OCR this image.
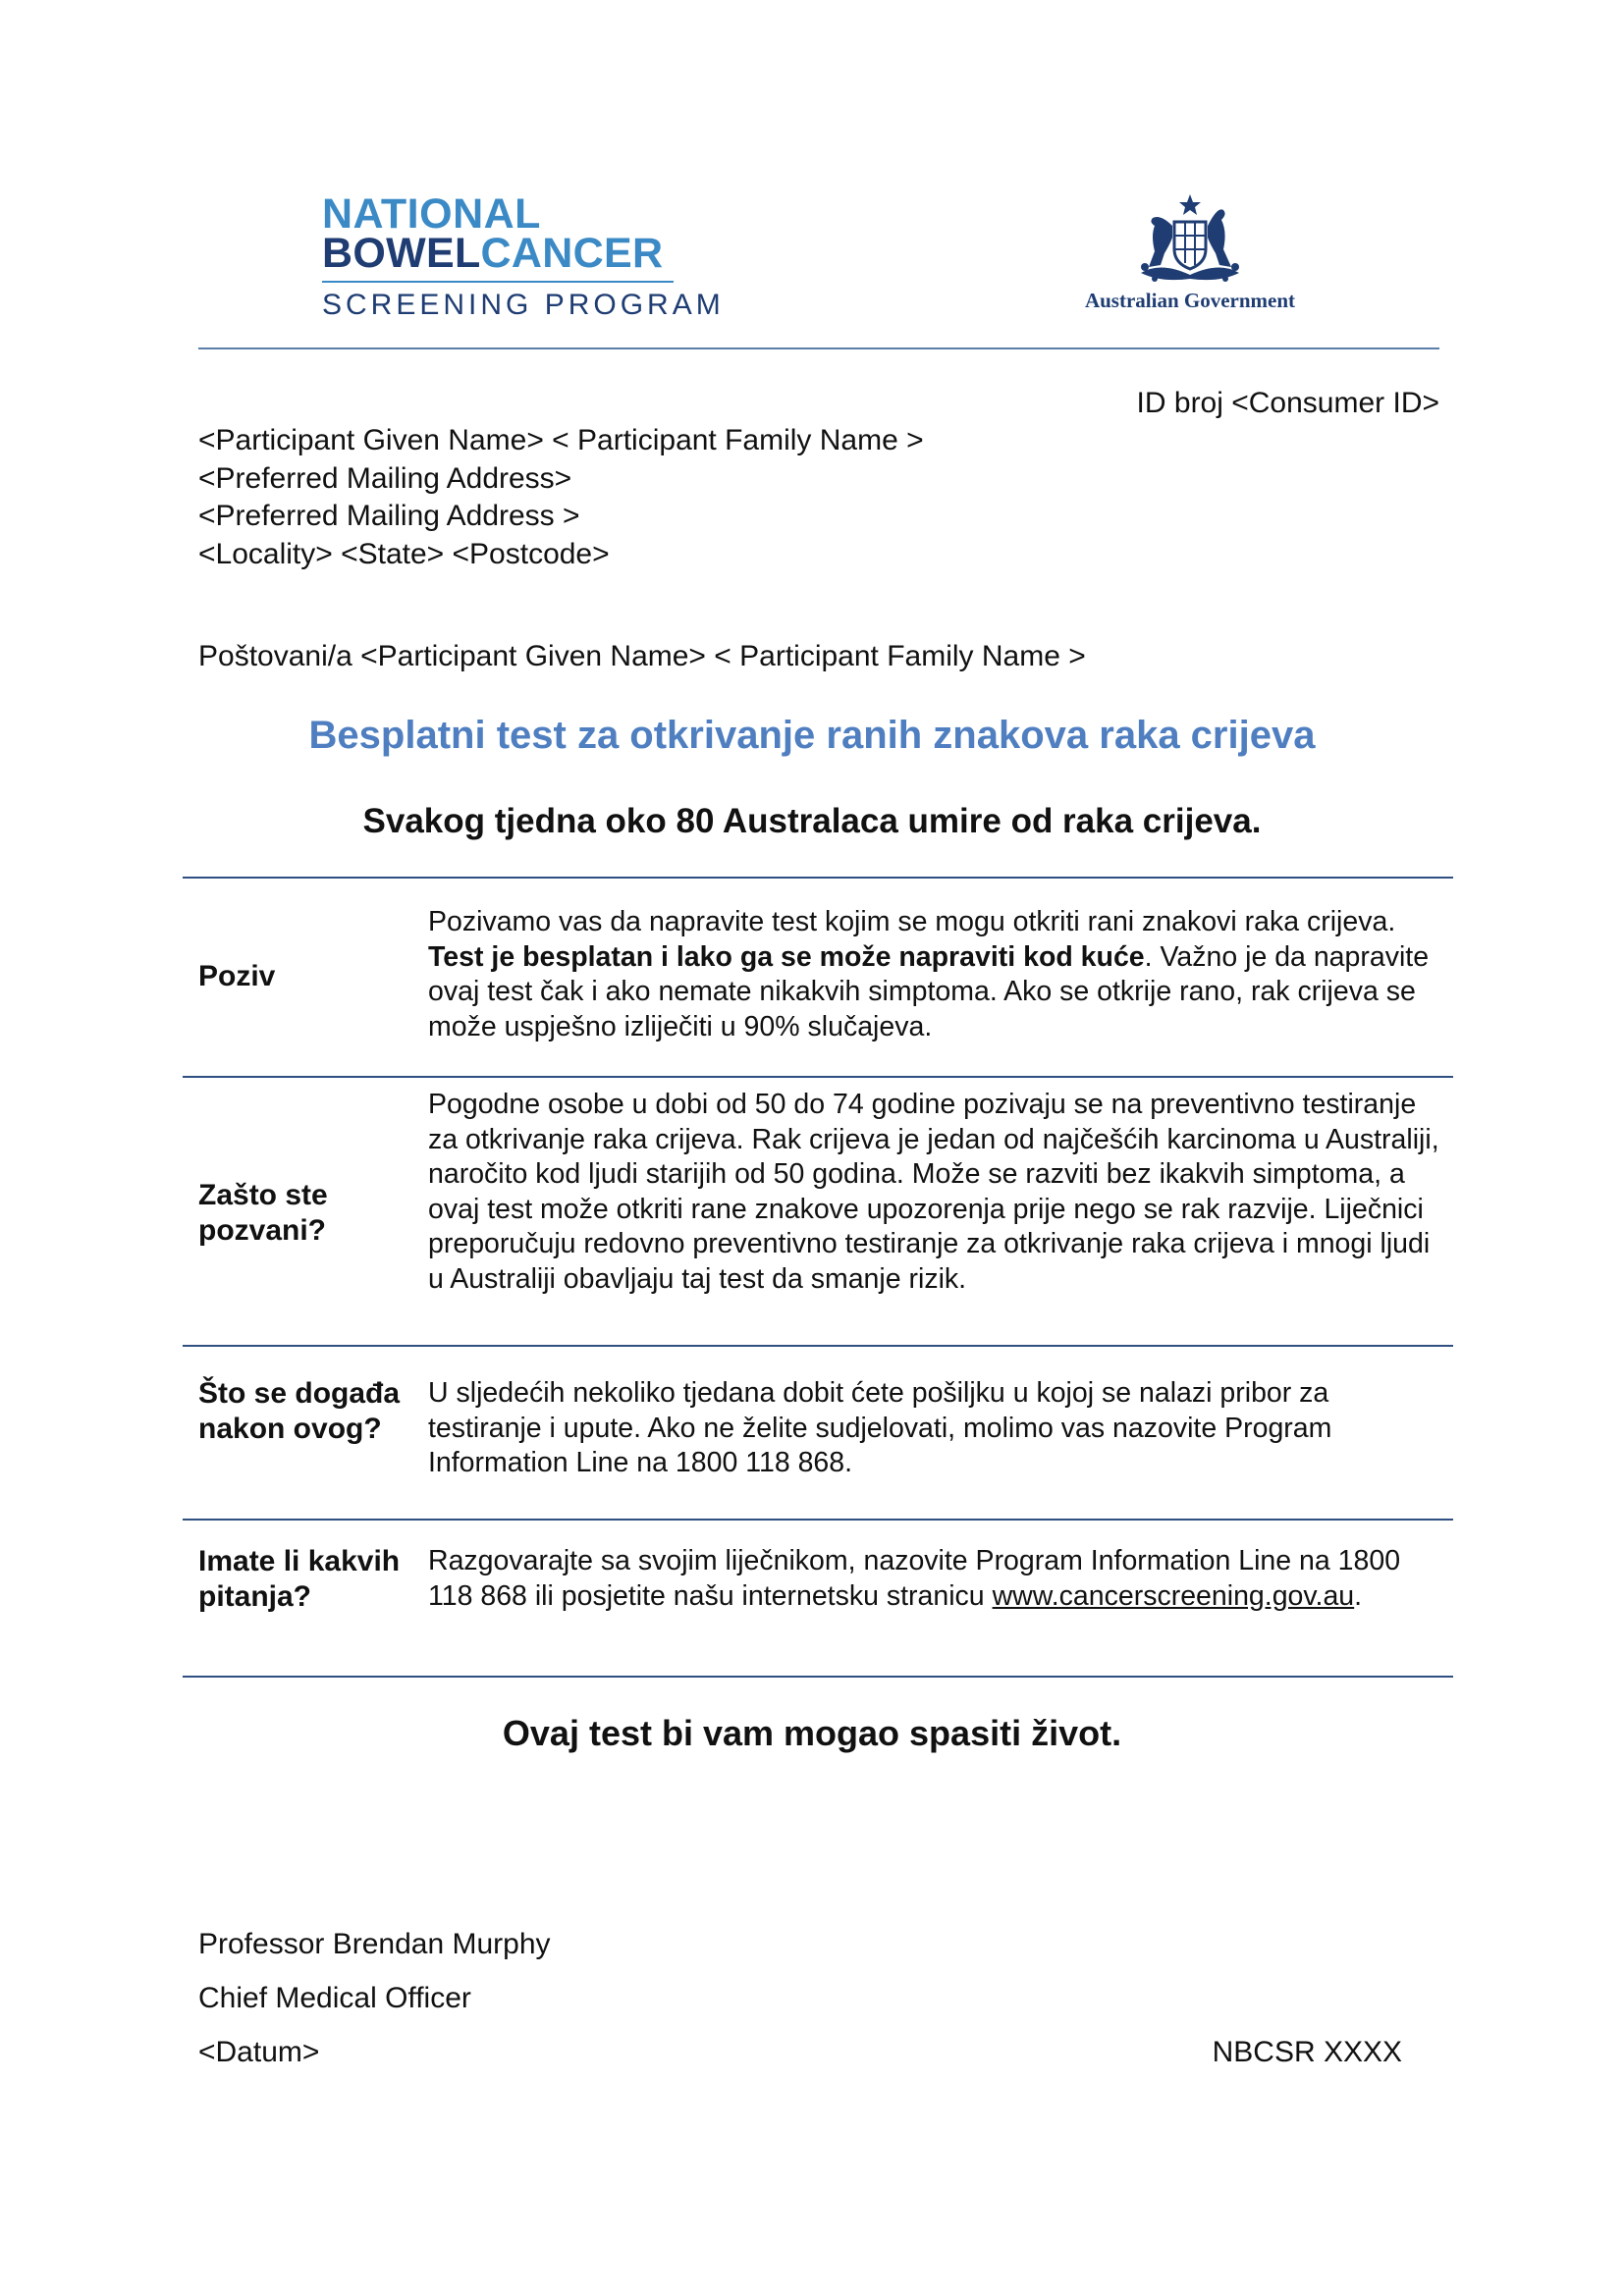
NATIONAL
BOWELCANCER
SCREENING PROGRAM	Australian Government
ID broj <Consumer ID>
<Participant Given Name> < Participant Family Name >
<Preferred Mailing Address>
<Preferred Mailing Address >
<Locality> <State> <Postcode>
Poštovani/a <Participant Given Name> < Participant Family Name >
Besplatni test za otkrivanje ranih znakova raka crijeva
Svakog tjedna oko 80 Australaca umire od raka crijeva.
Poziv
Pozivamo vas da napravite test kojim se mogu otkriti rani znakovi raka crijeva. Test je besplatan i lako ga se može napraviti kod kuće. Važno je da napravite ovaj test čak i ako nemate nikakvih simptoma. Ako se otkrije rano, rak crijeva se može uspješno izliječiti u 90% slučajeva.
Zašto ste pozvani?
Pogodne osobe u dobi od 50 do 74 godine pozivaju se na preventivno testiranje za otkrivanje raka crijeva. Rak crijeva je jedan od najčešćih karcinoma u Australiji, naročito kod ljudi starijih od 50 godina. Može se razviti bez ikakvih simptoma, a ovaj test može otkriti rane znakove upozorenja prije nego se rak razvije. Liječnici preporučuju redovno preventivno testiranje za otkrivanje raka crijeva i mnogi ljudi u Australiji obavljaju taj test da smanje rizik.
Što se događa nakon ovog?
U sljedećih nekoliko tjedana dobit ćete pošiljku u kojoj se nalazi pribor za testiranje i upute. Ako ne želite sudjelovati, molimo vas nazovite Program Information Line na 1800 118 868.
Imate li kakvih pitanja?
Razgovarajte sa svojim liječnikom, nazovite Program Information Line na 1800 118 868 ili posjetite našu internetsku stranicu www.cancerscreening.gov.au.
Ovaj test bi vam mogao spasiti život.
Professor Brendan Murphy
Chief Medical Officer
<Datum>	NBCSR XXXX
